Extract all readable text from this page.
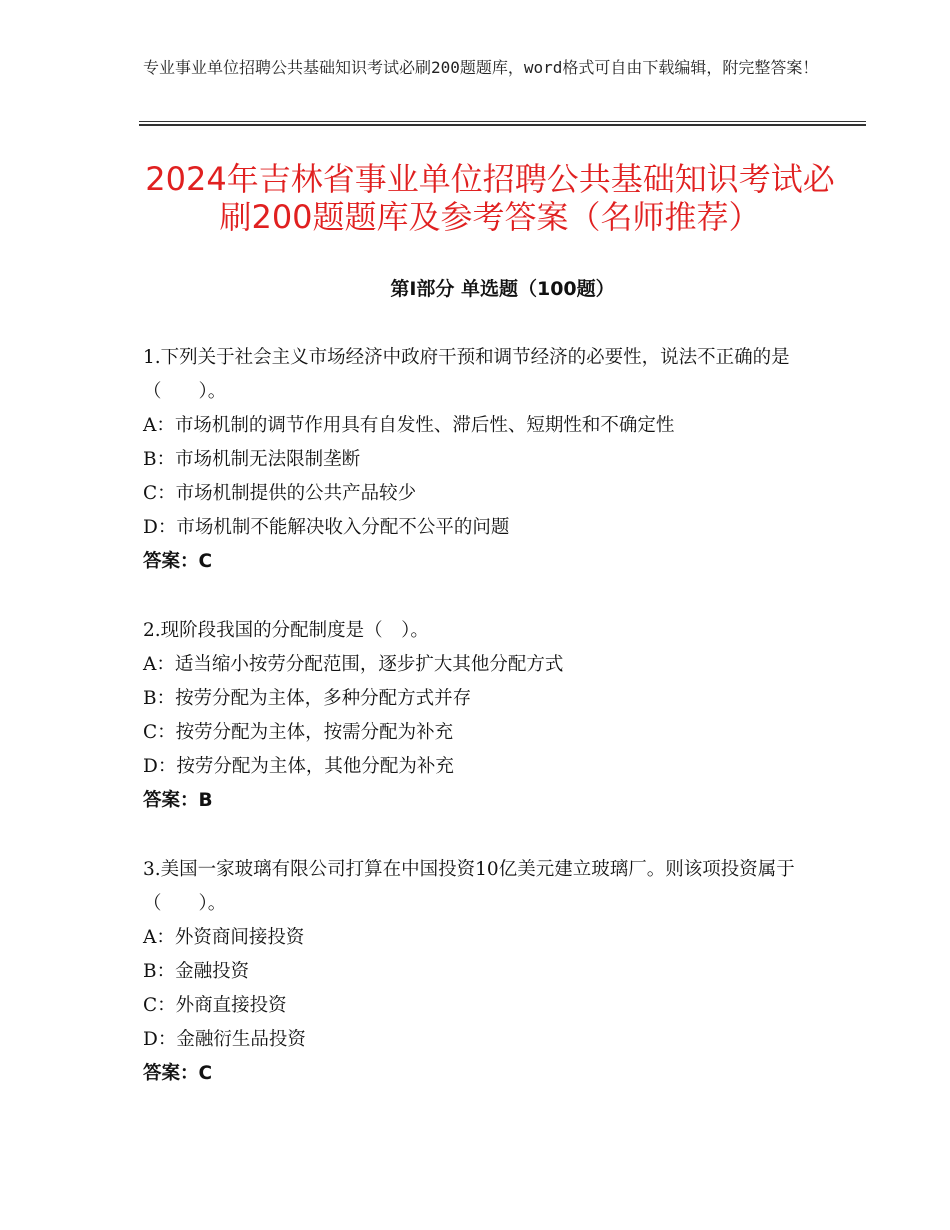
专业事业单位招聘公共基础知识考试必刷200题题库，word格式可自由下载编辑，附完整答案！
2024年吉林省事业单位招聘公共基础知识考试必刷200题题库及参考答案（名师推荐）
第Ⅰ部分 单选题（100题）
1.下列关于社会主义市场经济中政府干预和调节经济的必要性，说法不正确的是（　　）。
A：市场机制的调节作用具有自发性、滞后性、短期性和不确定性
B：市场机制无法限制垄断
C：市场机制提供的公共产品较少
D：市场机制不能解决收入分配不公平的问题
答案：C
2.现阶段我国的分配制度是（　）。
A：适当缩小按劳分配范围，逐步扩大其他分配方式
B：按劳分配为主体，多种分配方式并存
C：按劳分配为主体，按需分配为补充
D：按劳分配为主体，其他分配为补充
答案：B
3.美国一家玻璃有限公司打算在中国投资10亿美元建立玻璃厂。则该项投资属于（　　）。
A：外资商间接投资
B：金融投资
C：外商直接投资
D：金融衍生品投资
答案：C
